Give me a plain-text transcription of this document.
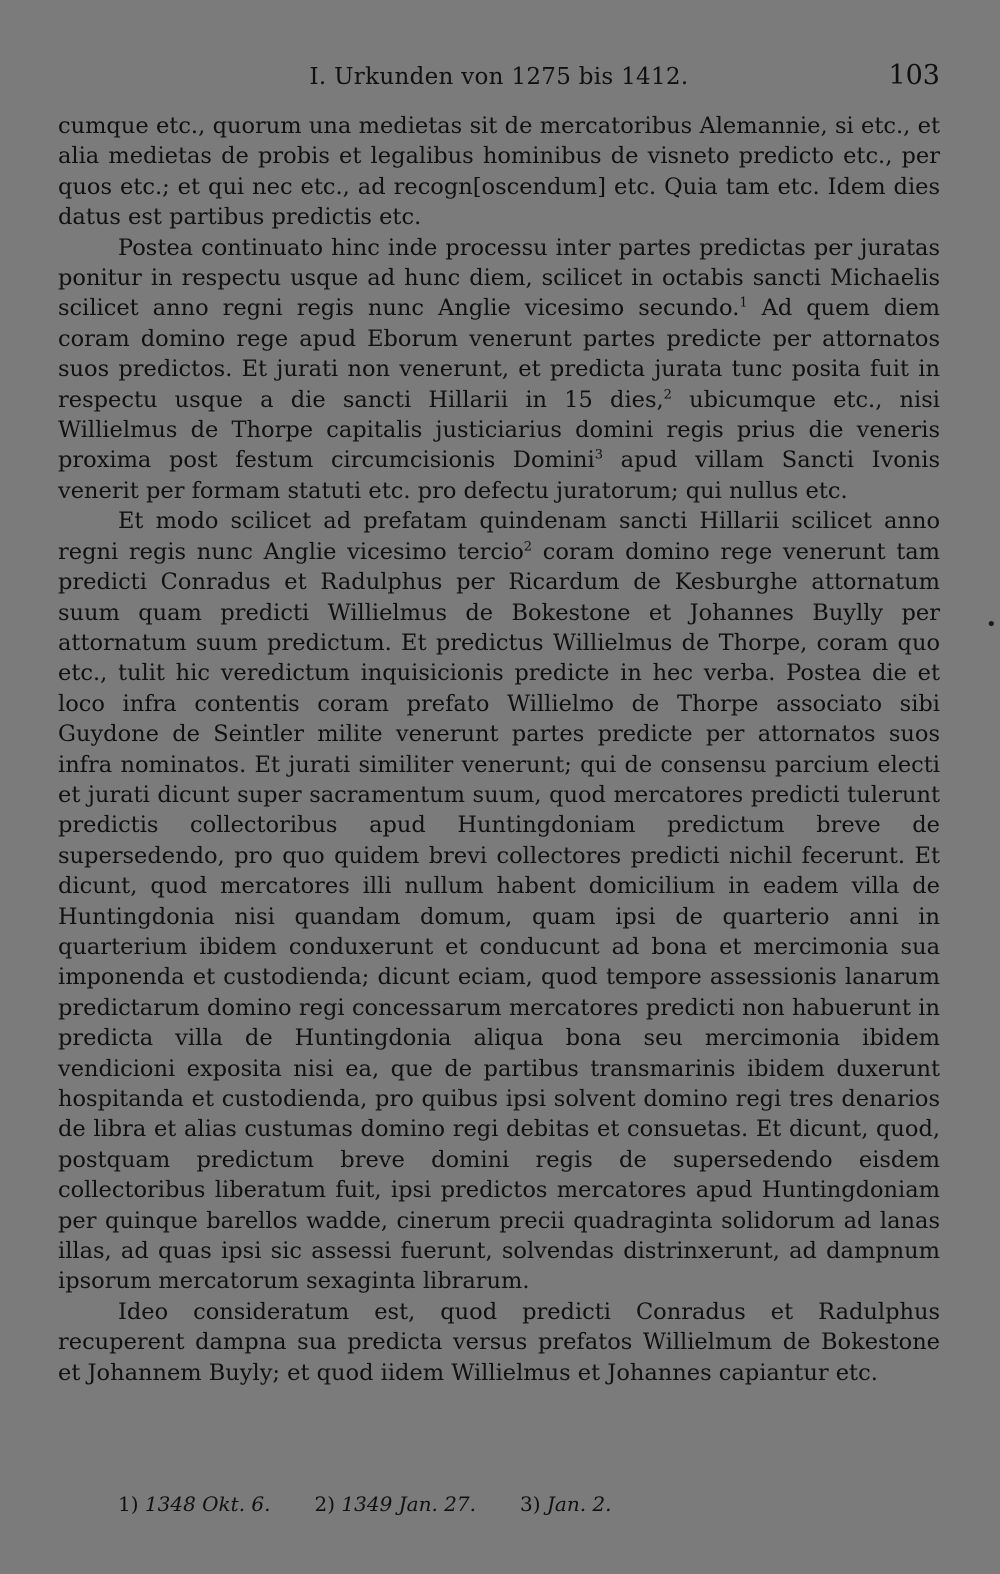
I. Urkunden von 1275 bis 1412.	103

cumque etc., quorum una medietas sit de mercatoribus Alemannie, si etc., et alia medietas de probis et legalibus hominibus de visneto predicto etc., per quos etc.; et qui nec etc., ad recogn[oscendum] etc. Quia tam etc. Idem dies datus est partibus predictis etc.

Postea continuato hinc inde processu inter partes predictas per juratas ponitur in respectu usque ad hunc diem, scilicet in octabis sancti Michaelis scilicet anno regni regis nunc Anglie vicesimo secundo.$^1$ Ad quem diem coram domino rege apud Eborum venerunt partes predicte per attornatos suos predictos. Et jurati non venerunt, et predicta jurata tunc posita fuit in respectu usque a die sancti Hillarii in 15 dies,$^2$ ubicumque etc., nisi Willielmus de Thorpe capitalis justiciarius domini regis prius die veneris proxima post festum circumcisionis Domini$^3$ apud villam Sancti Ivonis venerit per formam statuti etc. pro defectu juratorum; qui nullus etc.

Et modo scilicet ad prefatam quindenam sancti Hillarii scilicet anno regni regis nunc Anglie vicesimo tercio$^2$ coram domino rege venerunt tam predicti Conradus et Radulphus per Ricardum de Kesburghe attornatum suum quam predicti Willielmus de Bokestone et Johannes Buylly per attornatum suum predictum. Et predictus Willielmus de Thorpe, coram quo etc., tulit hic veredictum inquisicionis predicte in hec verba. Postea die et loco infra contentis coram prefato Willielmo de Thorpe associato sibi Guydone de Seintler milite venerunt partes predicte per attornatos suos infra nominatos. Et jurati similiter venerunt; qui de consensu parcium electi et jurati dicunt super sacramentum suum, quod mercatores predicti tulerunt predictis collectoribus apud Huntingdoniam predictum breve de supersedendo, pro quo quidem brevi collectores predicti nichil fecerunt. Et dicunt, quod mercatores illi nullum habent domicilium in eadem villa de Huntingdonia nisi quandam domum, quam ipsi de quarterio anni in quarterium ibidem conduxerunt et conducunt ad bona et mercimonia sua imponenda et custodienda; dicunt eciam, quod tempore assessionis lanarum predictarum domino regi concessarum mercatores predicti non habuerunt in predicta villa de Huntingdonia aliqua bona seu mercimonia ibidem vendicioni exposita nisi ea, que de partibus transmarinis ibidem duxerunt hospitanda et custodienda, pro quibus ipsi solvent domino regi tres denarios de libra et alias custumas domino regi debitas et consuetas. Et dicunt, quod, postquam predictum breve domini regis de supersedendo eisdem collectoribus liberatum fuit, ipsi predictos mercatores apud Huntingdoniam per quinque barellos wadde, cinerum precii quadraginta solidorum ad lanas illas, ad quas ipsi sic assessi fuerunt, solvendas distrinxerunt, ad dampnum ipsorum mercatorum sexaginta librarum.

Ideo consideratum est, quod predicti Conradus et Radulphus recuperent dampna sua predicta versus prefatos Willielmum de Bokestone et Johannem Buyly; et quod iidem Willielmus et Johannes capiantur etc.

1) 1348 Okt. 6. 2) 1349 Jan. 27. 3) Jan. 2.
•
